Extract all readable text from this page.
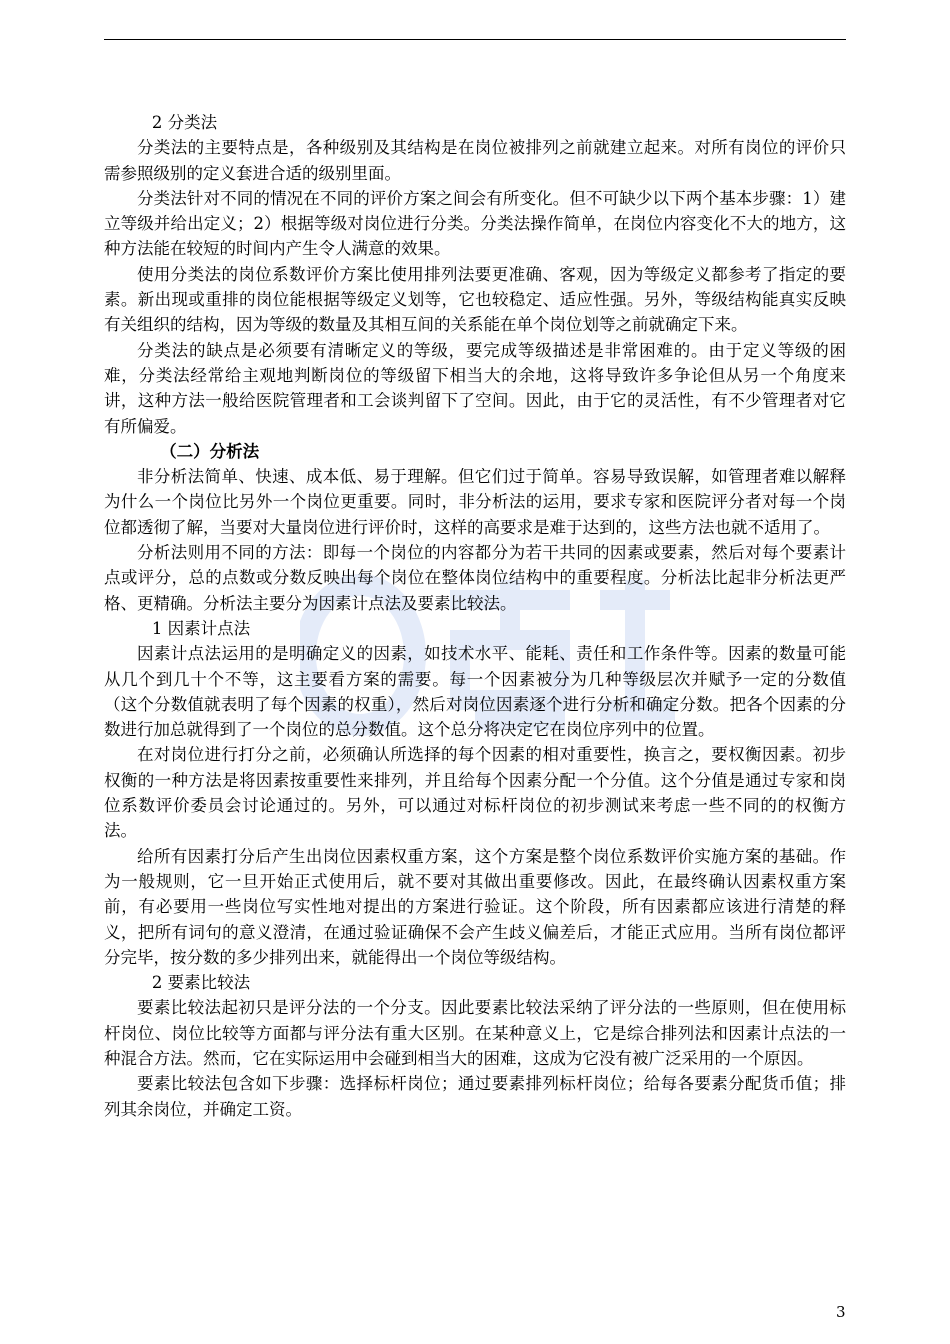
2 分类法

分类法的主要特点是，各种级别及其结构是在岗位被排列之前就建立起来。对所有岗位的评价只需参照级别的定义套进合适的级别里面。

分类法针对不同的情况在不同的评价方案之间会有所变化。但不可缺少以下两个基本步骤：1）建立等级并给出定义；2）根据等级对岗位进行分类。分类法操作简单，在岗位内容变化不大的地方，这种方法能在较短的时间内产生令人满意的效果。

使用分类法的岗位系数评价方案比使用排列法要更准确、客观，因为等级定义都参考了指定的要素。新出现或重排的岗位能根据等级定义划等，它也较稳定、适应性强。另外，等级结构能真实反映有关组织的结构，因为等级的数量及其相互间的关系能在单个岗位划等之前就确定下来。

分类法的缺点是必须要有清晰定义的等级，要完成等级描述是非常困难的。由于定义等级的困难，分类法经常给主观地判断岗位的等级留下相当大的余地，这将导致许多争论但从另一个角度来讲，这种方法一般给医院管理者和工会谈判留下了空间。因此，由于它的灵活性，有不少管理者对它有所偏爱。

（二）分析法

非分析法简单、快速、成本低、易于理解。但它们过于简单。容易导致误解，如管理者难以解释为什么一个岗位比另外一个岗位更重要。同时，非分析法的运用，要求专家和医院评分者对每一个岗位都透彻了解，当要对大量岗位进行评价时，这样的高要求是难于达到的，这些方法也就不适用了。

分析法则用不同的方法：即每一个岗位的内容都分为若干共同的因素或要素，然后对每个要素计点或评分，总的点数或分数反映出每个岗位在整体岗位结构中的重要程度。分析法比起非分析法更严格、更精确。分析法主要分为因素计点法及要素比较法。

1 因素计点法

因素计点法运用的是明确定义的因素，如技术水平、能耗、责任和工作条件等。因素的数量可能从几个到几十个不等，这主要看方案的需要。每一个因素被分为几种等级层次并赋予一定的分数值（这个分数值就表明了每个因素的权重），然后对岗位因素逐个进行分析和确定分数。把各个因素的分数进行加总就得到了一个岗位的总分数值。这个总分将决定它在岗位序列中的位置。

在对岗位进行打分之前，必须确认所选择的每个因素的相对重要性，换言之，要权衡因素。初步权衡的一种方法是将因素按重要性来排列，并且给每个因素分配一个分值。这个分值是通过专家和岗位系数评价委员会讨论通过的。另外，可以通过对标杆岗位的初步测试来考虑一些不同的的权衡方法。

给所有因素打分后产生出岗位因素权重方案，这个方案是整个岗位系数评价实施方案的基础。作为一般规则，它一旦开始正式使用后，就不要对其做出重要修改。因此，在最终确认因素权重方案前，有必要用一些岗位写实性地对提出的方案进行验证。这个阶段，所有因素都应该进行清楚的释义，把所有词句的意义澄清，在通过验证确保不会产生歧义偏差后，才能正式应用。当所有岗位都评分完毕，按分数的多少排列出来，就能得出一个岗位等级结构。

2 要素比较法

要素比较法起初只是评分法的一个分支。因此要素比较法采纳了评分法的一些原则，但在使用标杆岗位、岗位比较等方面都与评分法有重大区别。在某种意义上，它是综合排列法和因素计点法的一种混合方法。然而，它在实际运用中会碰到相当大的困难，这成为它没有被广泛采用的一个原因。

要素比较法包含如下步骤：选择标杆岗位；通过要素排列标杆岗位；给每各要素分配货币值；排列其余岗位，并确定工资。

3
